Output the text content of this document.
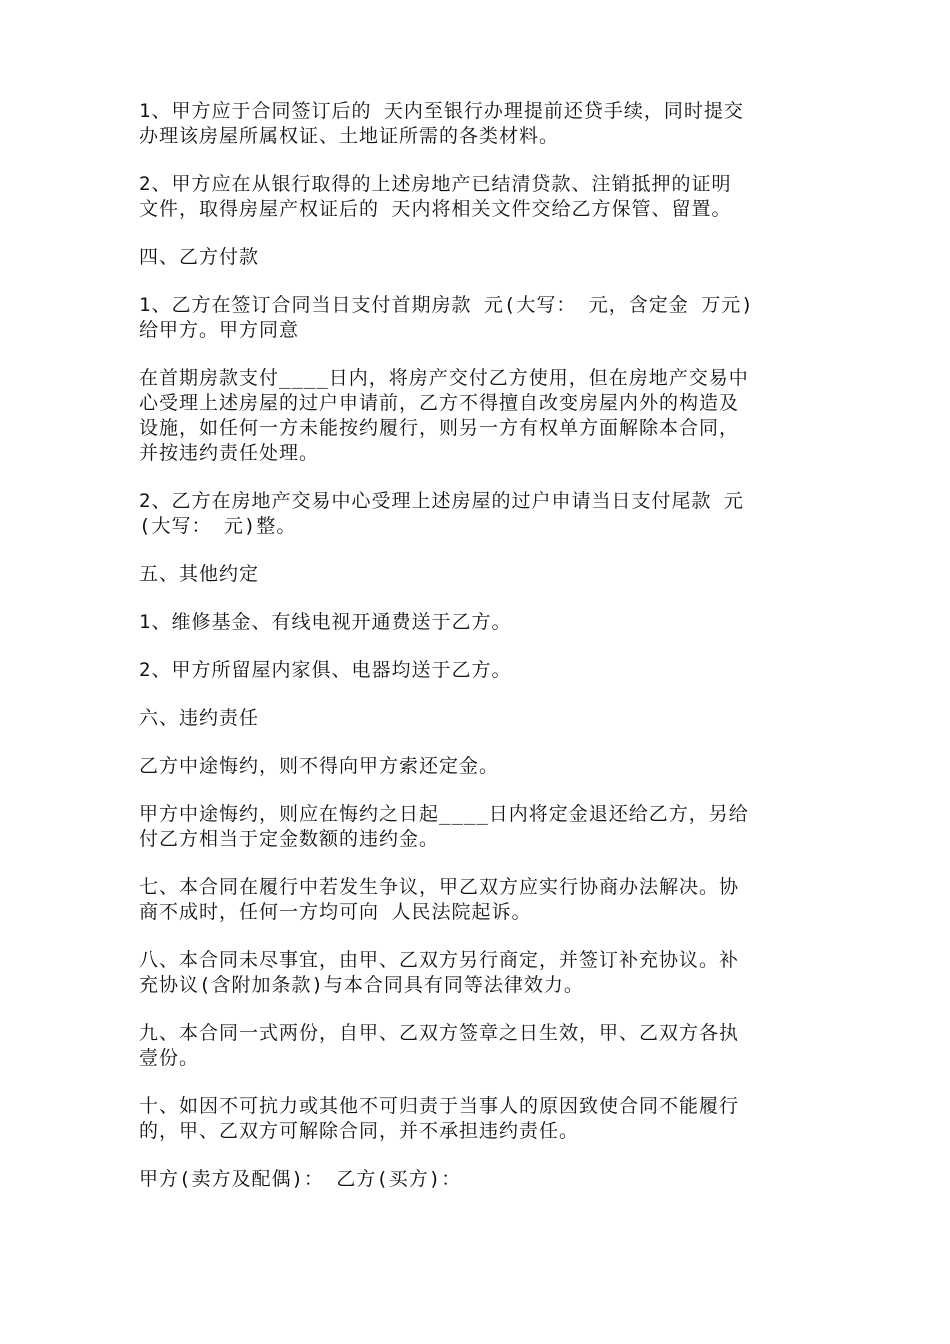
1、甲方应于合同签订后的 天内至银行办理提前还贷手续，同时提交
办理该房屋所属权证、土地证所需的各类材料。

2、甲方应在从银行取得的上述房地产已结清贷款、注销抵押的证明
文件，取得房屋产权证后的 天内将相关文件交给乙方保管、留置。

四、乙方付款

1、乙方在签订合同当日支付首期房款 元(大写： 元，含定金 万元)
给甲方。甲方同意

在首期房款支付____日内，将房产交付乙方使用，但在房地产交易中
心受理上述房屋的过户申请前，乙方不得擅自改变房屋内外的构造及
设施，如任何一方未能按约履行，则另一方有权单方面解除本合同，
并按违约责任处理。

2、乙方在房地产交易中心受理上述房屋的过户申请当日支付尾款 元
(大写： 元)整。

五、其他约定

1、维修基金、有线电视开通费送于乙方。

2、甲方所留屋内家俱、电器均送于乙方。

六、违约责任

乙方中途悔约，则不得向甲方索还定金。

甲方中途悔约，则应在悔约之日起____日内将定金退还给乙方，另给
付乙方相当于定金数额的违约金。

七、本合同在履行中若发生争议，甲乙双方应实行协商办法解决。协
商不成时，任何一方均可向 人民法院起诉。

八、本合同未尽事宜，由甲、乙双方另行商定，并签订补充协议。补
充协议(含附加条款)与本合同具有同等法律效力。

九、本合同一式两份，自甲、乙双方签章之日生效，甲、乙双方各执
壹份。

十、如因不可抗力或其他不可归责于当事人的原因致使合同不能履行
的，甲、乙双方可解除合同，并不承担违约责任。

甲方(卖方及配偶)： 乙方(买方)：
